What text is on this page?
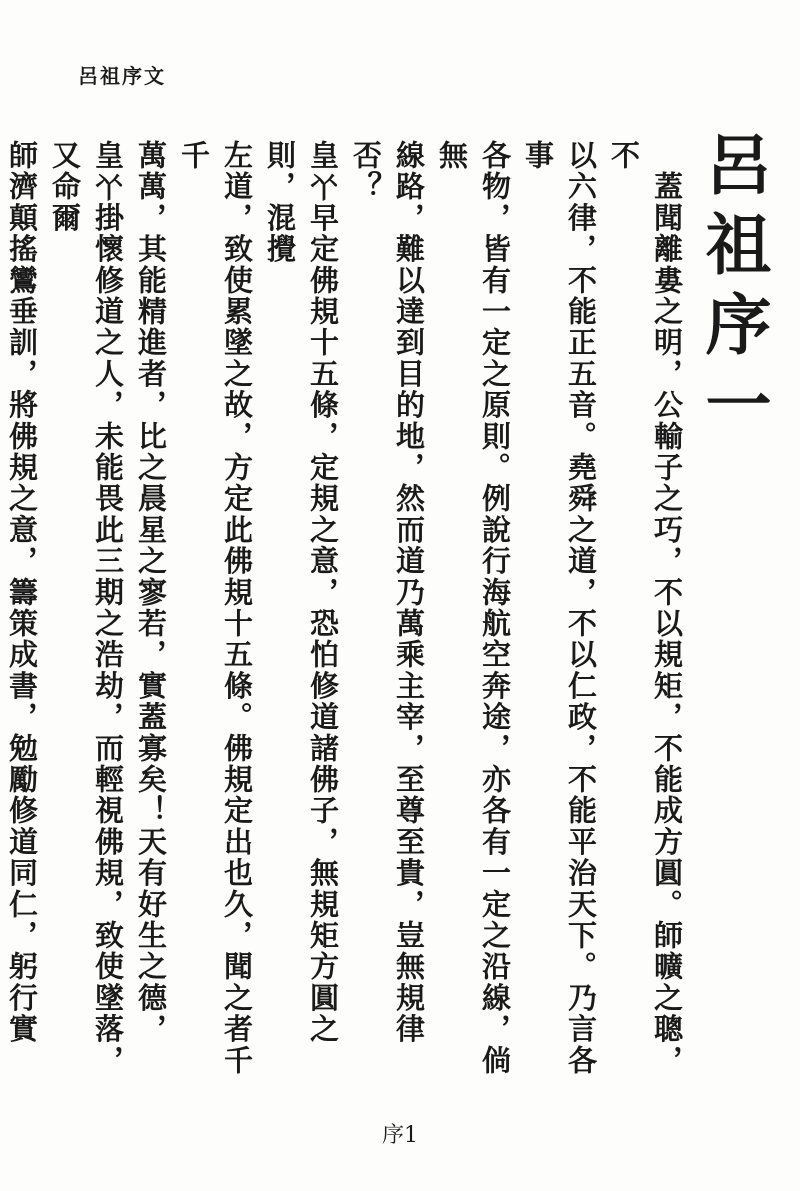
呂祖序文
呂祖序一
　蓋聞離婁之明，公輸子之巧，不以規矩，不能成方圓。師曠之聰，不
以六律，不能正五音。堯舜之道，不以仁政，不能平治天下。乃言各事
各物，皆有一定之原則。例說行海航空奔途，亦各有一定之沿線，倘無
線路，難以達到目的地，然而道乃萬乘主宰，至尊至貴，豈無規律否？
皇𠁥早定佛規十五條，定規之意，恐怕修道諸佛子，無規矩方圓之則，混攪
左道，致使累墜之故，方定此佛規十五條。佛規定出也久，聞之者千千
萬萬，其能精進者，比之晨星之寥若，實蓋寡矣！天有好生之德，
皇𠁥掛懷修道之人，未能畏此三期之浩劫，而輕視佛規，致使墜落，又命爾
師濟顛搖鸞垂訓，將佛規之意，籌策成書，勉勵修道同仁，躬行實
序1
